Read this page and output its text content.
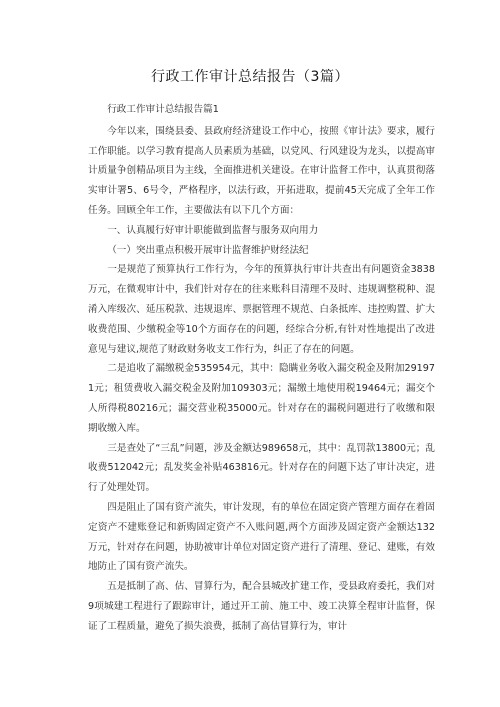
行政工作审计总结报告（3篇）

行政工作审计总结报告篇1

今年以来，围绕县委、县政府经济建设工作中心，按照《审计法》要求，履行工作职能。以学习教育提高人员素质为基础，以党风、行风建设为龙头，以提高审计质量争创精品项目为主线，全面推进机关建设。在审计监督工作中，认真贯彻落实审计署5、6号令，严格程序，以法行政，开拓进取，提前45天完成了全年工作任务。回顾全年工作，主要做法有以下几个方面：

一、认真履行好审计职能做到监督与服务双向用力

（一）突出重点积极开展审计监督维护财经法纪

一是规范了预算执行工作行为，今年的预算执行审计共查出有问题资金3838万元，在微观审计中，我们针对存在的往来账科目清理不及时、违规调整税种、混淆入库级次、延压税款、违规退库、票据管理不规范、白条抵库、违控购置、扩大收费范围、少缴税金等10个方面存在的问题，经综合分析,有针对性地提出了改进意见与建议,规范了财政财务收支工作行为，纠正了存在的问题。

二是追收了漏缴税金535954元，其中：隐瞒业务收入漏交税金及附加291971元；租赁费收入漏交税金及附加109303元；漏缴土地使用税19464元；漏交个人所得税80216元；漏交营业税35000元。针对存在的漏税问题进行了收缴和限期收缴入库。

三是查处了“三乱”问题，涉及金额达989658元，其中：乱罚款13800元；乱收费512042元；乱发奖金补贴463816元。针对存在的问题下达了审计决定，进行了处理处罚。

四是阻止了国有资产流失，审计发现，有的单位在固定资产管理方面存在着固定资产不建账登记和新购固定资产不入账问题,两个方面涉及固定资产金额达132万元，针对存在问题，协助被审计单位对固定资产进行了清理、登记、建账，有效地防止了国有资产流失。

五是抵制了高、估、冒算行为，配合县城改扩建工作，受县政府委托，我们对9项城建工程进行了跟踪审计，通过开工前、施工中、竣工决算全程审计监督，保证了工程质量，避免了损失浪费，抵制了高估冒算行为，审计
